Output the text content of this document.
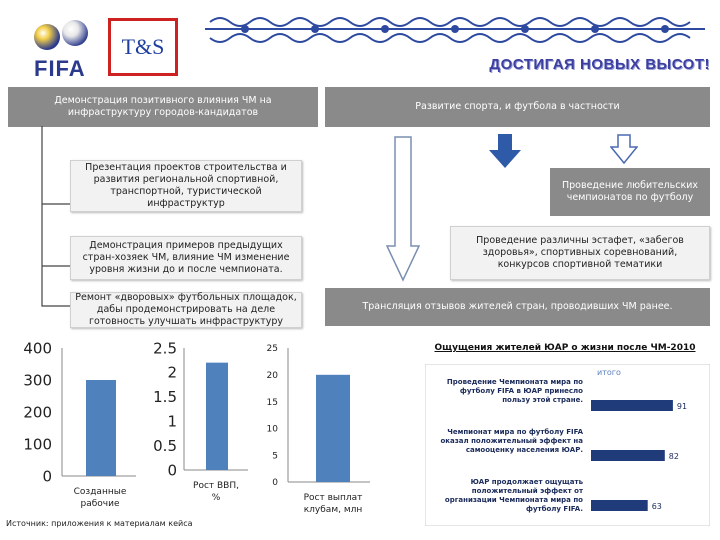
FIFA
T&S
ДОСТИГАЯ НОВЫХ ВЫСОТ!
Демонстрация позитивного влияния ЧМ на инфраструктуру городов-кандидатов
Презентация проектов строительства и развития региональной спортивной, транспортной, туристической инфраструктур
Демонстрация примеров предыдущих стран-хозяек ЧМ, влияние ЧМ изменение уровня жизни до и после чемпионата.
Ремонт «дворовых» футбольных площадок, дабы продемонстрировать на деле готовность улучшать инфраструктуру
Развитие спорта, и футбола в частности
Проведение любительских чемпионатов по футболу
Проведение различны эстафет, «забегов здоровья», спортивных соревнований, конкурсов спортивной тематики
Трансляция отзывов жителей стран, проводивших ЧМ ранее.
400
300
200
100
0
Созданные рабочие
2.5
2
1.5
1
0.5
0
Рост ВВП, %
25
20
15
10
5
0
Рост выплат клубам, млн
Источник: приложения к материалам кейса
Ощущения жителей ЮАР о жизни после ЧМ-2010
итого
Проведение Чемпионата мира по футболу FIFA в ЮАР принесло пользу этой стране.
91
Чемпионат мира по футболу FIFA оказал положительный эффект на самооценку населения ЮАР.
82
ЮАР продолжает ощущать положительный эффект от организации Чемпионата мира по футболу FIFA.	63
